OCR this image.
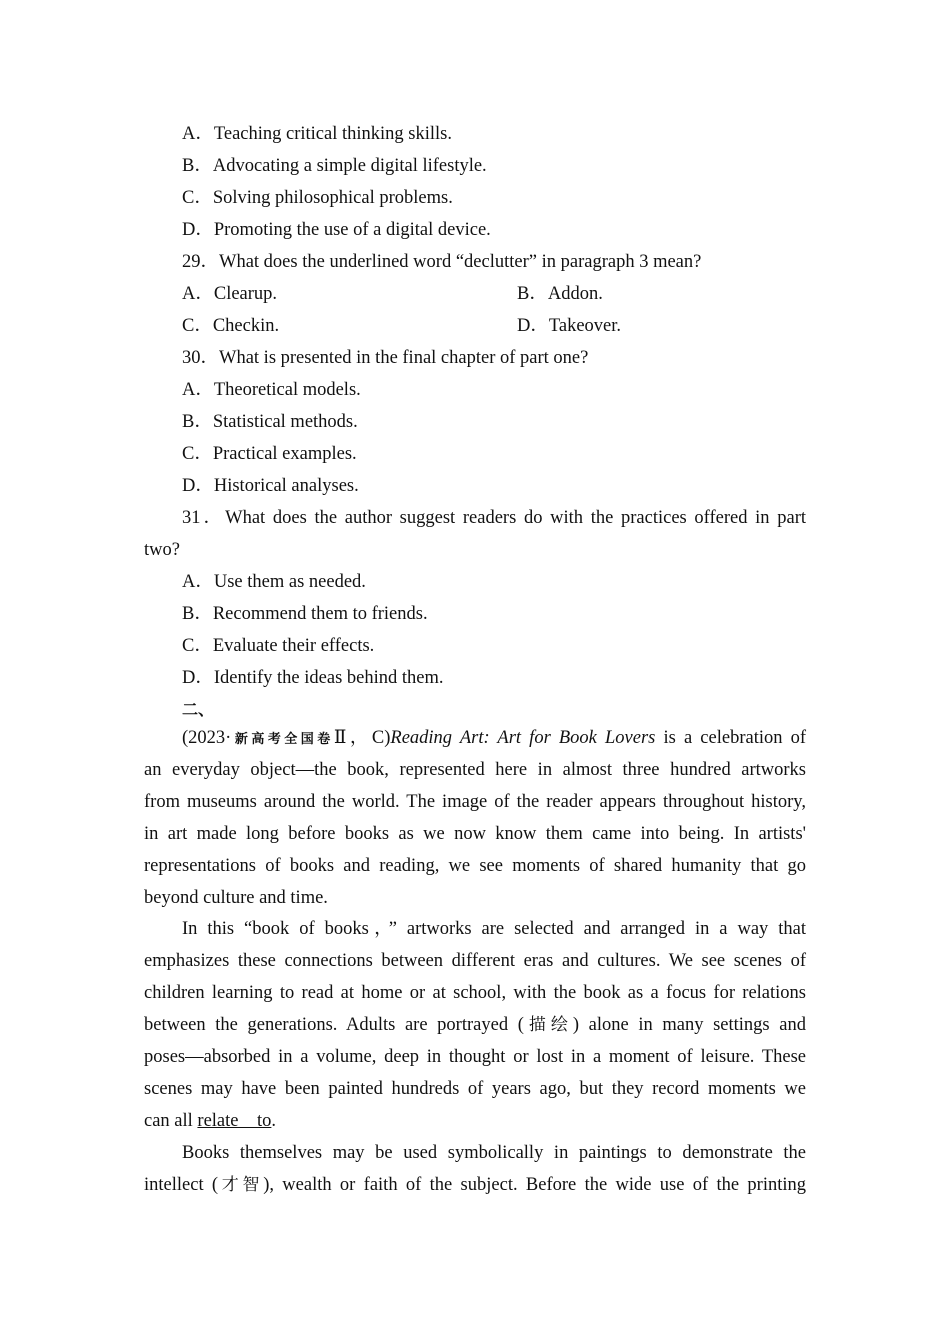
A．Teaching critical thinking skills.
B．Advocating a simple digital lifestyle.
C．Solving philosophical problems.
D．Promoting the use of a digital device.
29．What does the underlined word “declutter” in paragraph 3 mean?
A．Clearup.	B．Addon.
C．Checkin.	D．Takeover.
30．What is presented in the final chapter of part one?
A．Theoretical models.
B．Statistical methods.
C．Practical examples.
D．Historical analyses.
31．What does the author suggest readers do with the practices offered in part
two?
A．Use them as needed.
B．Recommend them to friends.
C．Evaluate their effects.
D．Identify the ideas behind them.
二、
(2023·新高考全国卷Ⅱ，C)Reading Art: Art for Book Lovers is a celebration of
an everyday object—the book, represented here in almost three hundred artworks
from museums around the world. The image of the reader appears throughout history,
in art made long before books as we now know them came into being. In artists'
representations of books and reading, we see moments of shared humanity that go
beyond culture and time.
In this “book of books，” artworks are selected and arranged in a way that
emphasizes these connections between different eras and cultures. We see scenes of
children learning to read at home or at school, with the book as a focus for relations
between the generations. Adults are portrayed (描绘) alone in many settings and
poses—absorbed in a volume, deep in thought or lost in a moment of leisure. These
scenes may have been painted hundreds of years ago, but they record moments we
can all relate　to.
Books themselves may be used symbolically in paintings to demonstrate the
intellect (才智), wealth or faith of the subject. Before the wide use of the printing
